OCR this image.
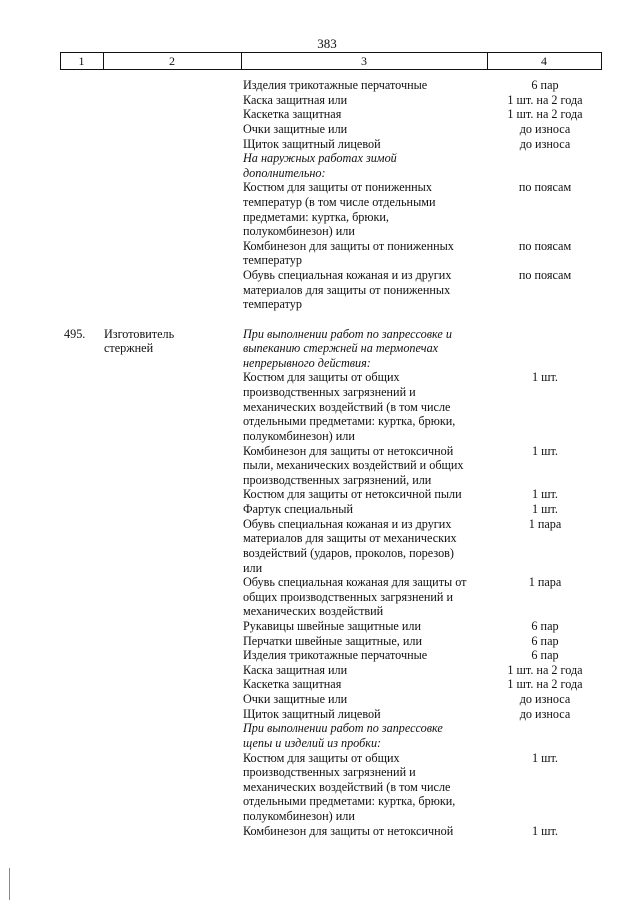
383
1	2	3	4
Изделия трикотажные перчаточные	6 пар
Каска защитная или	1 шт. на 2 года
Каскетка защитная	1 шт. на 2 года
Очки защитные или	до износа
Щиток защитный лицевой	до износа
На наружных работах зимой
дополнительно:
Костюм для защиты от пониженных	по поясам
температур (в том числе отдельными
предметами: куртка, брюки,
полукомбинезон) или
Комбинезон для защиты от пониженных	по поясам
температур
Обувь специальная кожаная и из других	по поясам
материалов для защиты от пониженных
температур
495. Изготовитель	При выполнении работ по запрессовке и
стержней	выпеканию стержней на термопечах
непрерывного действия:
Костюм для защиты от общих	1 шт.
производственных загрязнений и
механических воздействий (в том числе
отдельными предметами: куртка, брюки,
полукомбинезон) или
Комбинезон для защиты от нетоксичной	1 шт.
пыли, механических воздействий и общих
производственных загрязнений, или
Костюм для защиты от нетоксичной пыли	1 шт.
Фартук специальный	1 шт.
Обувь специальная кожаная и из других	1 пара
материалов для защиты от механических
воздействий (ударов, проколов, порезов)
или
Обувь специальная кожаная для защиты от	1 пара
общих производственных загрязнений и
механических воздействий
Рукавицы швейные защитные или	6 пар
Перчатки швейные защитные, или	6 пар
Изделия трикотажные перчаточные	6 пар
Каска защитная или	1 шт. на 2 года
Каскетка защитная	1 шт. на 2 года
Очки защитные или	до износа
Щиток защитный лицевой	до износа
При выполнении работ по запрессовке
щепы и изделий из пробки:
Костюм для защиты от общих	1 шт.
производственных загрязнений и
механических воздействий (в том числе
отдельными предметами: куртка, брюки,
полукомбинезон) или
Комбинезон для защиты от нетоксичной	1 шт.
